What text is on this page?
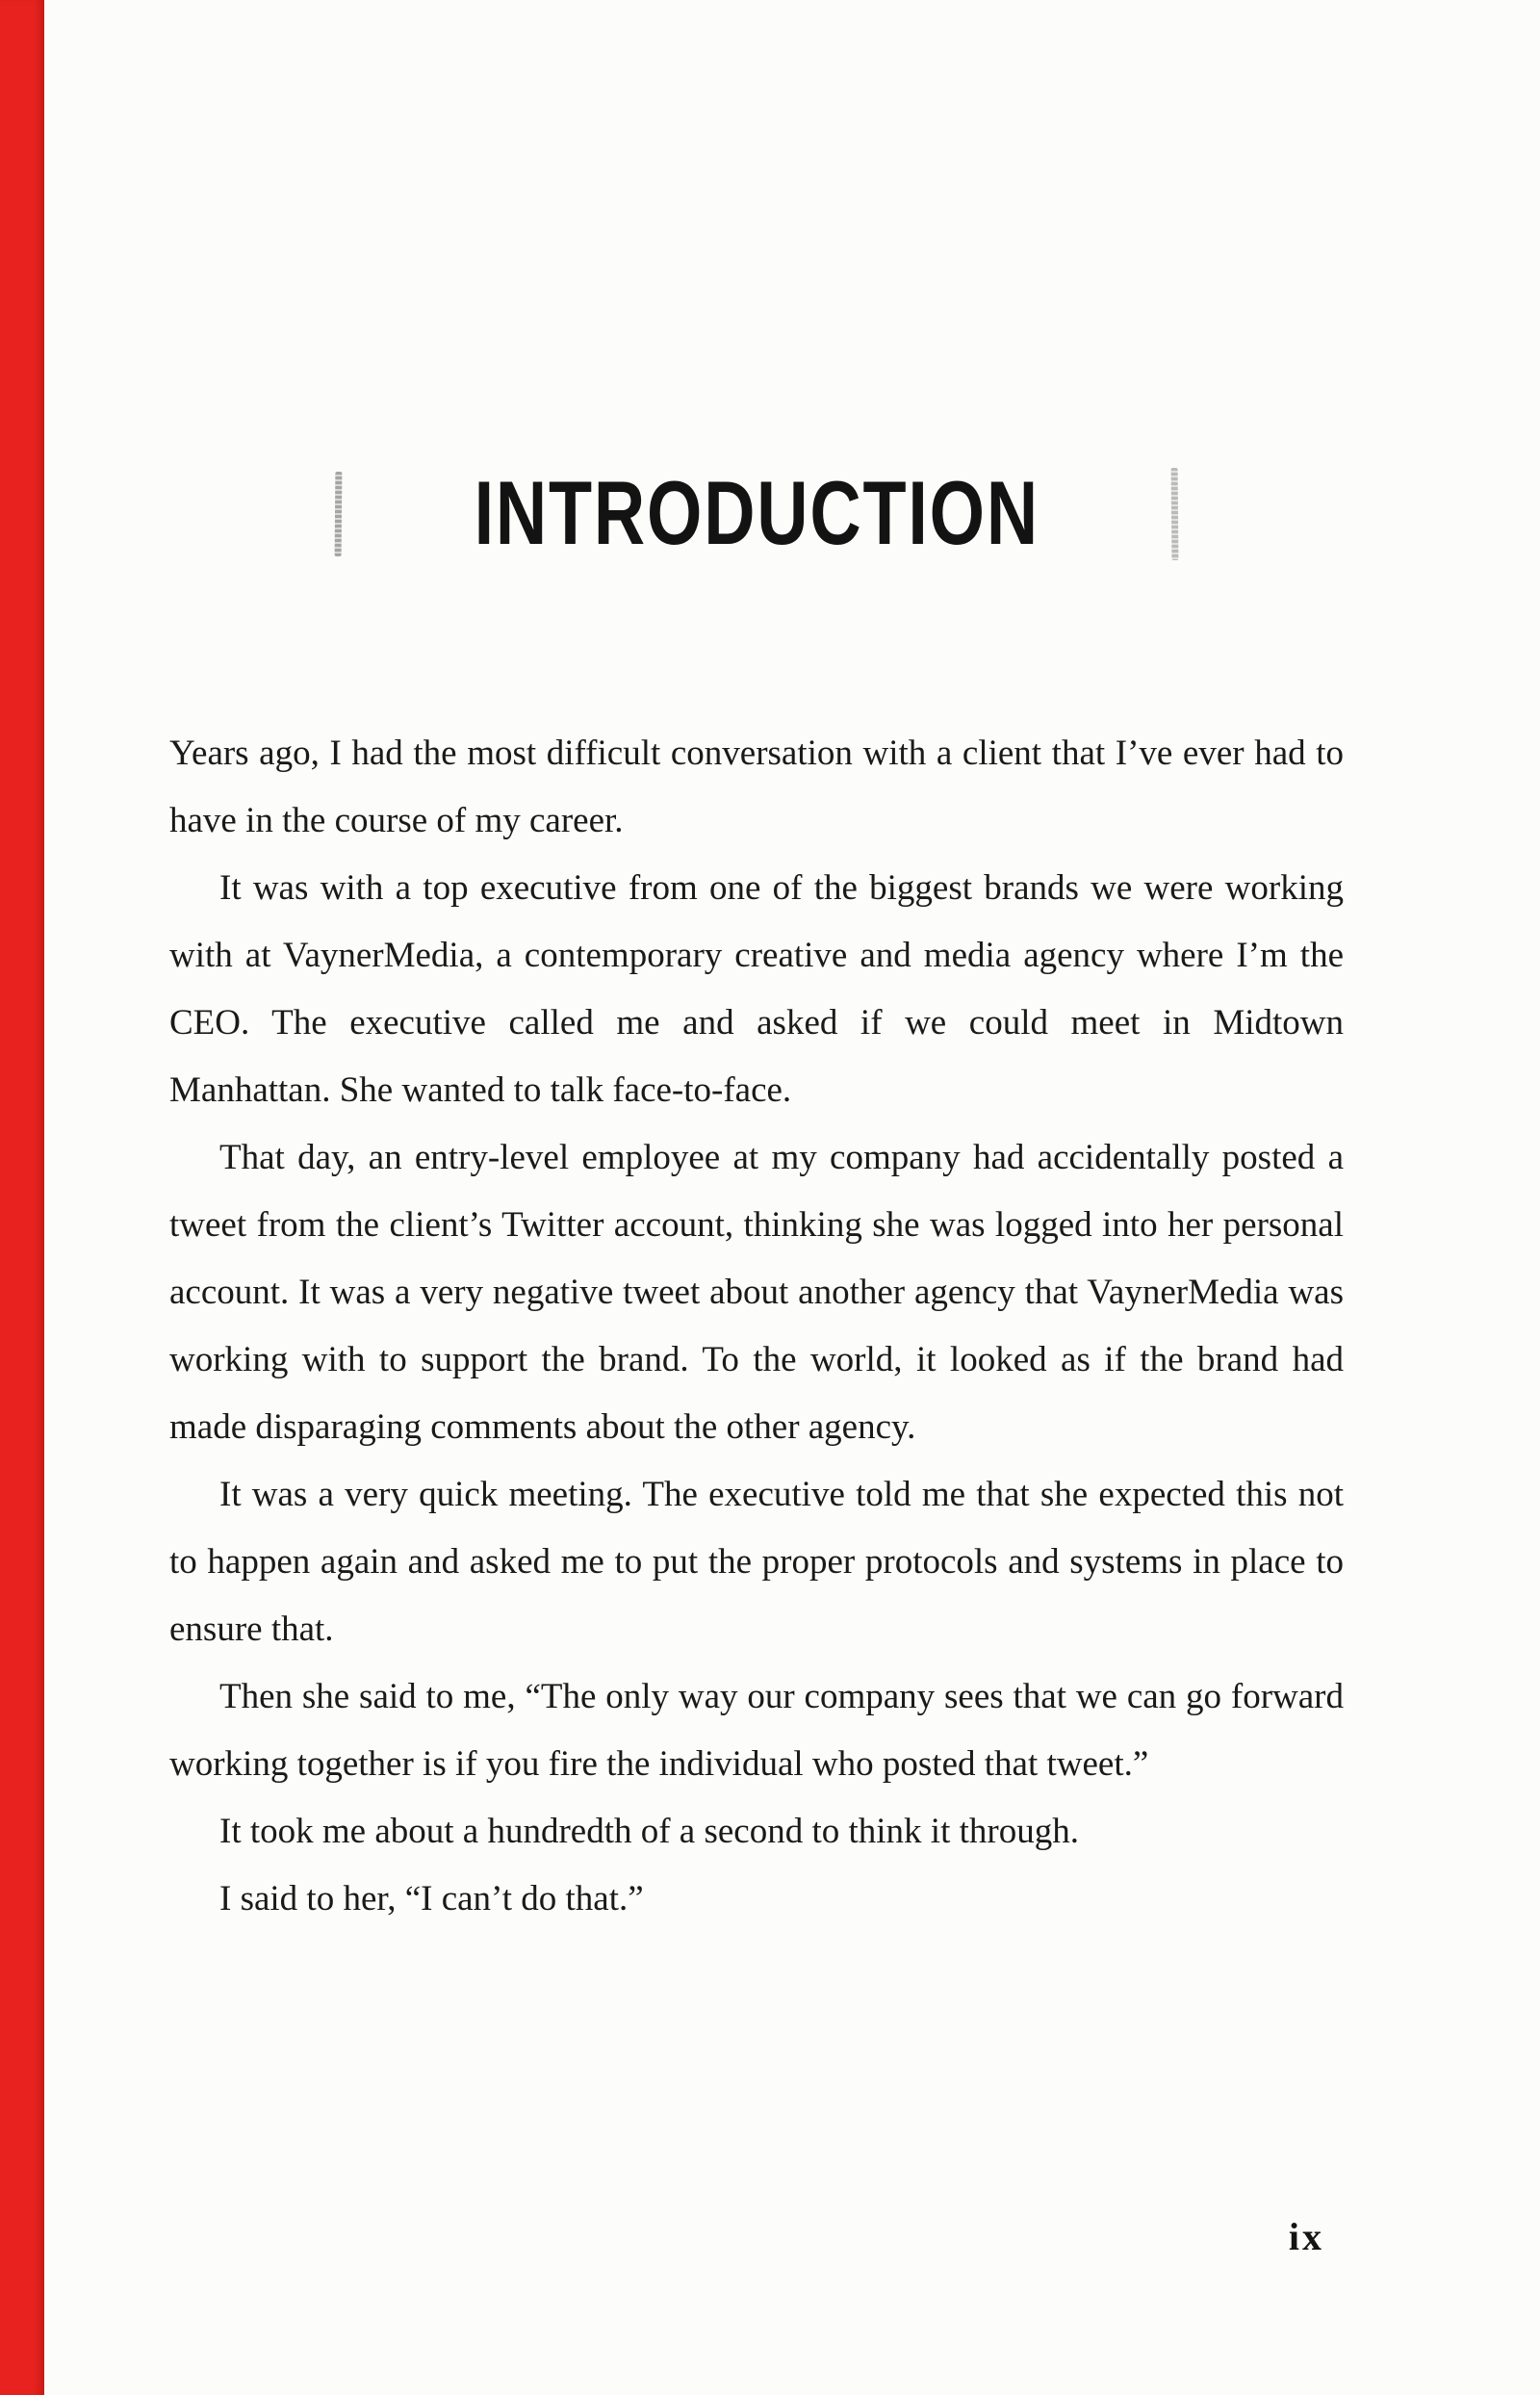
INTRODUCTION

Years ago, I had the most difficult conversation with a client that I’ve ever had to have in the course of my career.

It was with a top executive from one of the biggest brands we were working with at VaynerMedia, a contemporary creative and media agency where I’m the CEO. The executive called me and asked if we could meet in Midtown Manhattan. She wanted to talk face-to-face.

That day, an entry-level employee at my company had accidentally posted a tweet from the client’s Twitter account, thinking she was logged into her personal account. It was a very negative tweet about another agency that VaynerMedia was working with to support the brand. To the world, it looked as if the brand had made disparaging comments about the other agency.

It was a very quick meeting. The executive told me that she expected this not to happen again and asked me to put the proper protocols and systems in place to ensure that.

Then she said to me, “The only way our company sees that we can go forward working together is if you fire the individual who posted that tweet.”

It took me about a hundredth of a second to think it through.

I said to her, “I can’t do that.”

ix
